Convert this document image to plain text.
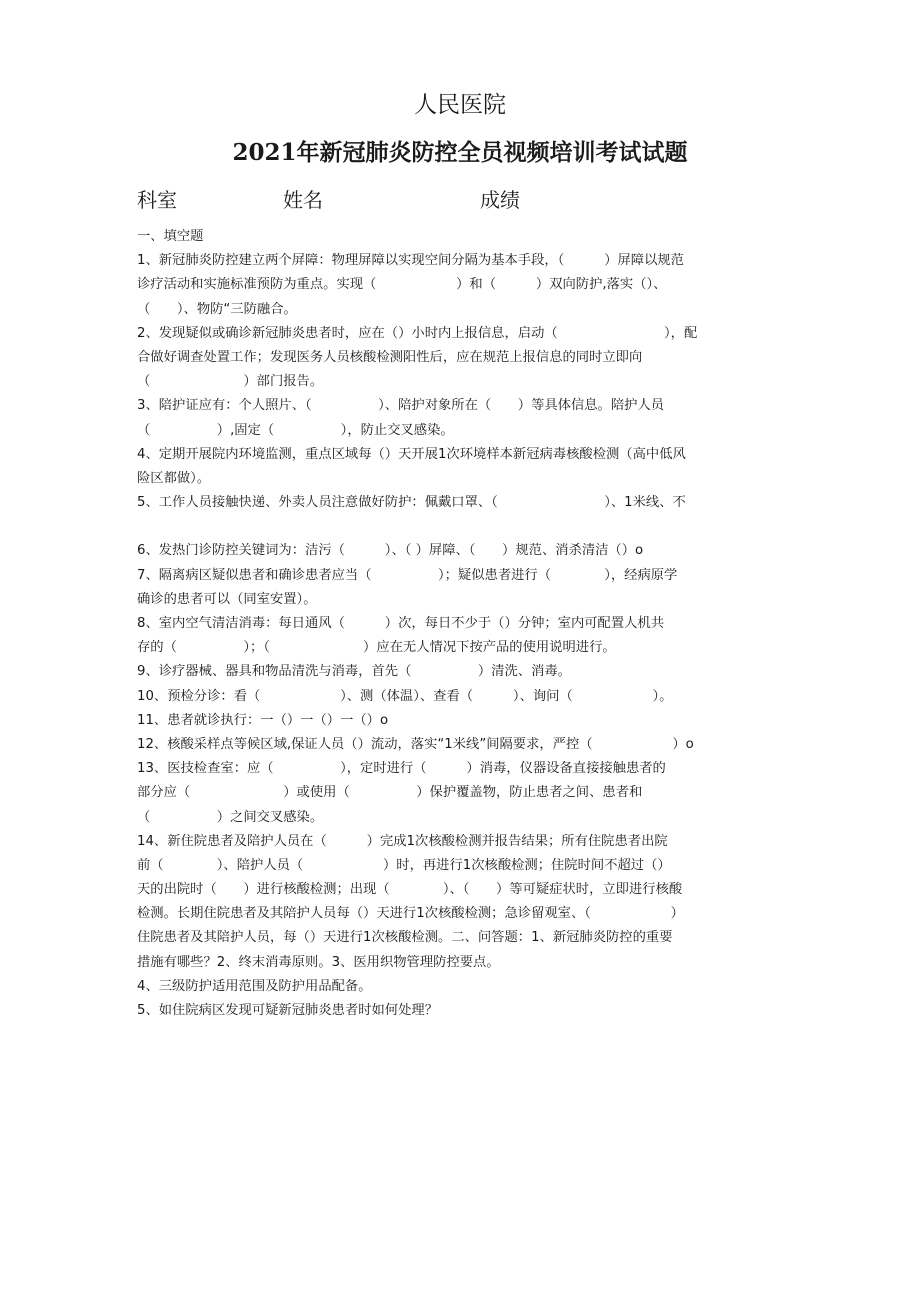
人民医院
2021年新冠肺炎防控全员视频培训考试试题
科室	姓名	成绩
一、填空题
1、新冠肺炎防控建立两个屏障：物理屏障以实现空间分隔为基本手段，（　　　）屏障以规范
诊疗活动和实施标准预防为重点。实现（　　　　　　）和（　　　）双向防护,落实（）、
（　　）、物防“三防融合。
2、发现疑似或确诊新冠肺炎患者时，应在（）小时内上报信息，启动（　　　　　　　　），配
合做好调查处置工作；发现医务人员核酸检测阳性后，应在规范上报信息的同时立即向
（　　　　　　　）部门报告。
3、陪护证应有：个人照片、（　　　　　）、陪护对象所在（　　）等具体信息。陪护人员
（　　　　　）,固定（　　　　　），防止交叉感染。
4、定期开展院内环境监测，重点区域每（）天开展1次环境样本新冠病毒核酸检测（高中低风
险区都做）。
5、工作人员接触快递、外卖人员注意做好防护：佩戴口罩、（　　　　　　　　）、1米线、不
6、发热门诊防控关键词为：洁污（　　　）、（ ）屏障、（　　）规范、消杀清洁（）o
7、隔离病区疑似患者和确诊患者应当（　　　　　）；疑似患者进行（　　　　），经病原学
确诊的患者可以（同室安置）。
8、室内空气清洁消毒：每日通风（　　　）次，每日不少于（）分钟；室内可配置人机共
存的（　　　　　）；（　　　　　　　）应在无人情况下按产品的使用说明进行。
9、诊疗器械、器具和物品清洗与消毒，首先（　　　　　）清洗、消毒。
10、预检分诊：看（　　　　　　）、测（体温）、查看（　　　）、询问（　　　　　　）。
11、患者就诊执行：一（）一（）一（）o
12、核酸采样点等候区域,保证人员（）流动，落实“1米线”间隔要求，严控（　　　　　　）o
13、医技检查室：应（　　　　　），定时进行（　　　）消毒，仪器设备直接接触患者的
部分应（　　　　　　　）或使用（　　　　　）保护覆盖物，防止患者之间、患者和
（　　　　　）之间交叉感染。
14、新住院患者及陪护人员在（　　　）完成1次核酸检测并报告结果；所有住院患者出院
前（　　　　）、陪护人员（　　　　　　）时，再进行1次核酸检测；住院时间不超过（）
天的出院时（　　）进行核酸检测；出现（　　　　）、（　　）等可疑症状时，立即进行核酸
检测。长期住院患者及其陪护人员每（）天进行1次核酸检测；急诊留观室、（　　　　　　）
住院患者及其陪护人员，每（）天进行1次核酸检测。二、问答题：1、新冠肺炎防控的重要
措施有哪些？2、终末消毒原则。3、医用织物管理防控要点。
4、三级防护适用范围及防护用品配备。
5、如住院病区发现可疑新冠肺炎患者时如何处理？
